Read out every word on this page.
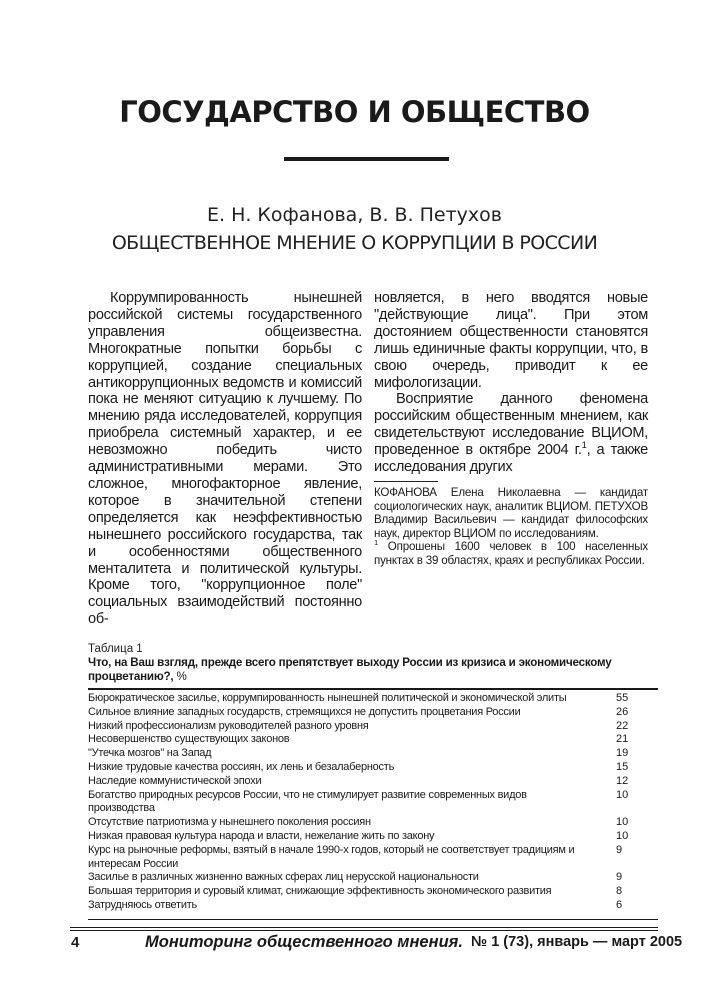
ГОСУДАРСТВО И ОБЩЕСТВО
Е. Н. Кофанова, В. В. Петухов
ОБЩЕСТВЕННОЕ МНЕНИЕ О КОРРУПЦИИ В РОССИИ

Коррумпированность нынешней российской системы государственного управления общеизвестна. Многократные попытки борьбы с коррупцией, создание специальных антикоррупционных ведомств и комиссий пока не меняют ситуацию к лучшему. По мнению ряда исследователей, коррупция приобрела системный характер, и ее невозможно победить чисто административными мерами. Это сложное, многофакторное явление, которое в значительной степени определяется как неэффективностью нынешнего российского государства, так и особенностями общественного менталитета и политической культуры. Кроме того, "коррупционное поле" социальных взаимодействий постоянно об-

новляется, в него вводятся новые "действующие лица". При этом достоянием общественности становятся лишь единичные факты коррупции, что, в свою очередь, приводит к ее мифологизации.

Восприятие данного феномена российским общественным мнением, как свидетельствуют исследование ВЦИОМ, проведенное в октябре 2004 г.$^1$, а также исследования других

КОФАНОВА Елена Николаевна — кандидат социологических наук, аналитик ВЦИОМ. ПЕТУХОВ Владимир Васильевич — кандидат философских наук, директор ВЦИОМ по исследованиям.

$^1$ Опрошены 1600 человек в 100 населенных пунктах в 39 областях, краях и республиках России.

Таблица 1
Что, на Ваш взгляд, прежде всего препятствует выходу России из кризиса и экономическому процветанию?, %
Бюрократическое засилье, коррумпированность нынешней политической и экономической элиты	55
Сильное влияние западных государств, стремящихся не допустить процветания России	26
Низкий профессионализм руководителей разного уровня	22
Несовершенство существующих законов	21
"Утечка мозгов" на Запад	19
Низкие трудовые качества россиян, их лень и безалаберность	15
Наследие коммунистической эпохи	12
Богатство природных ресурсов России, что не стимулирует развитие современных видов производства	10
Отсутствие патриотизма у нынешнего поколения россиян	10
Низкая правовая культура народа и власти, нежелание жить по закону	10
Курс на рыночные реформы, взятый в начале 1990-х годов, который не соответствует традициям и интересам России	9
Засилье в различных жизненно важных сферах лиц нерусской национальности	9
Большая территория и суровый климат, снижающие эффективность экономического развития	8
Затрудняюсь ответить	6
4	Мониторинг общественного мнения. № 1 (73), январь — март 2005
